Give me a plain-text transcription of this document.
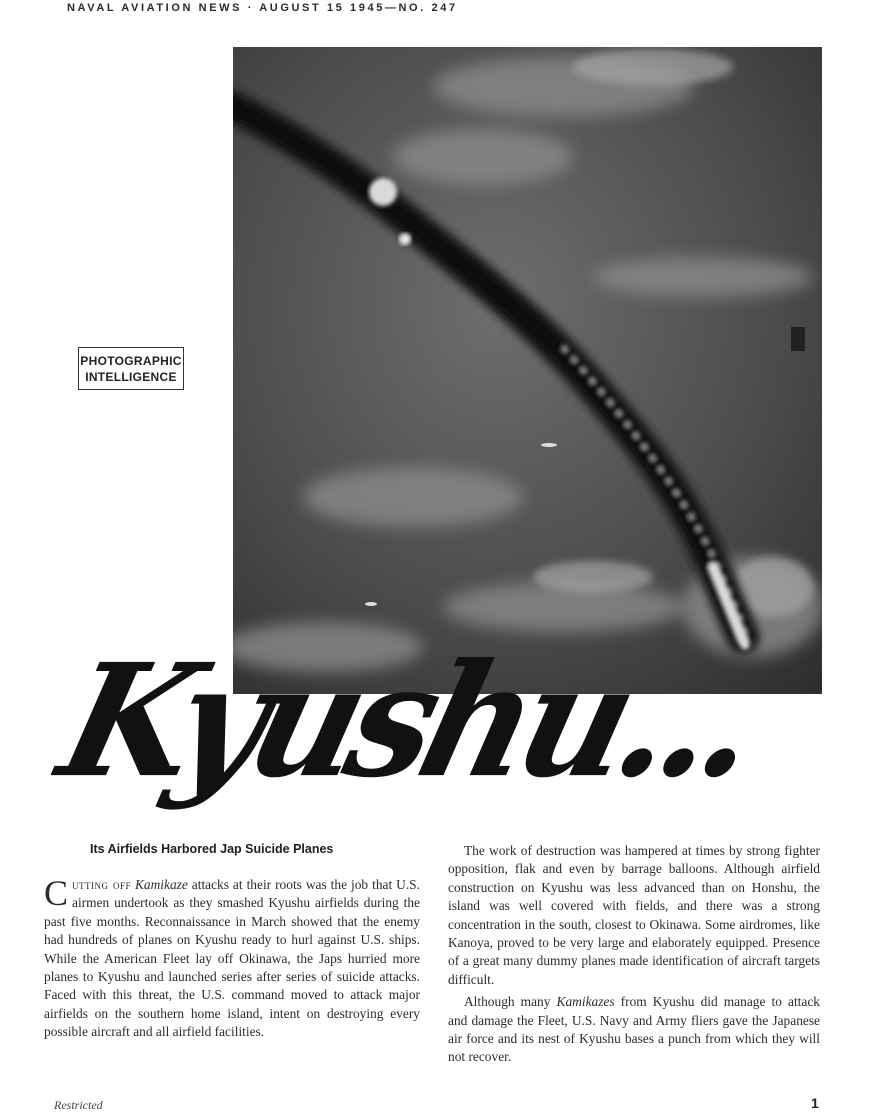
NAVAL AVIATION NEWS · AUGUST 15 1945—NO. 247
PHOTOGRAPHIC
INTELLIGENCE
Kyushu...
Its Airfields Harbored Jap Suicide Planes

Cutting off Kamikaze attacks at their roots was the job that U.S. airmen undertook as they smashed Kyushu airfields during the past five months. Reconnaissance in March showed that the enemy had hundreds of planes on Kyushu ready to hurl against U.S. ships. While the American Fleet lay off Okinawa, the Japs hurried more planes to Kyushu and launched series after series of suicide attacks. Faced with this threat, the U.S. command moved to attack major airfields on the southern home island, intent on destroying every possible aircraft and all airfield facilities.

The work of destruction was hampered at times by strong fighter opposition, flak and even by barrage balloons. Although airfield construction on Kyushu was less advanced than on Honshu, the island was well covered with fields, and there was a strong concentration in the south, closest to Okinawa. Some airdromes, like Kanoya, proved to be very large and elaborately equipped. Presence of a great many dummy planes made identification of aircraft targets difficult.

Although many Kamikazes from Kyushu did manage to attack and damage the Fleet, U.S. Navy and Army fliers gave the Japanese air force and its nest of Kyushu bases a punch from which they will not recover.

Restricted	1
